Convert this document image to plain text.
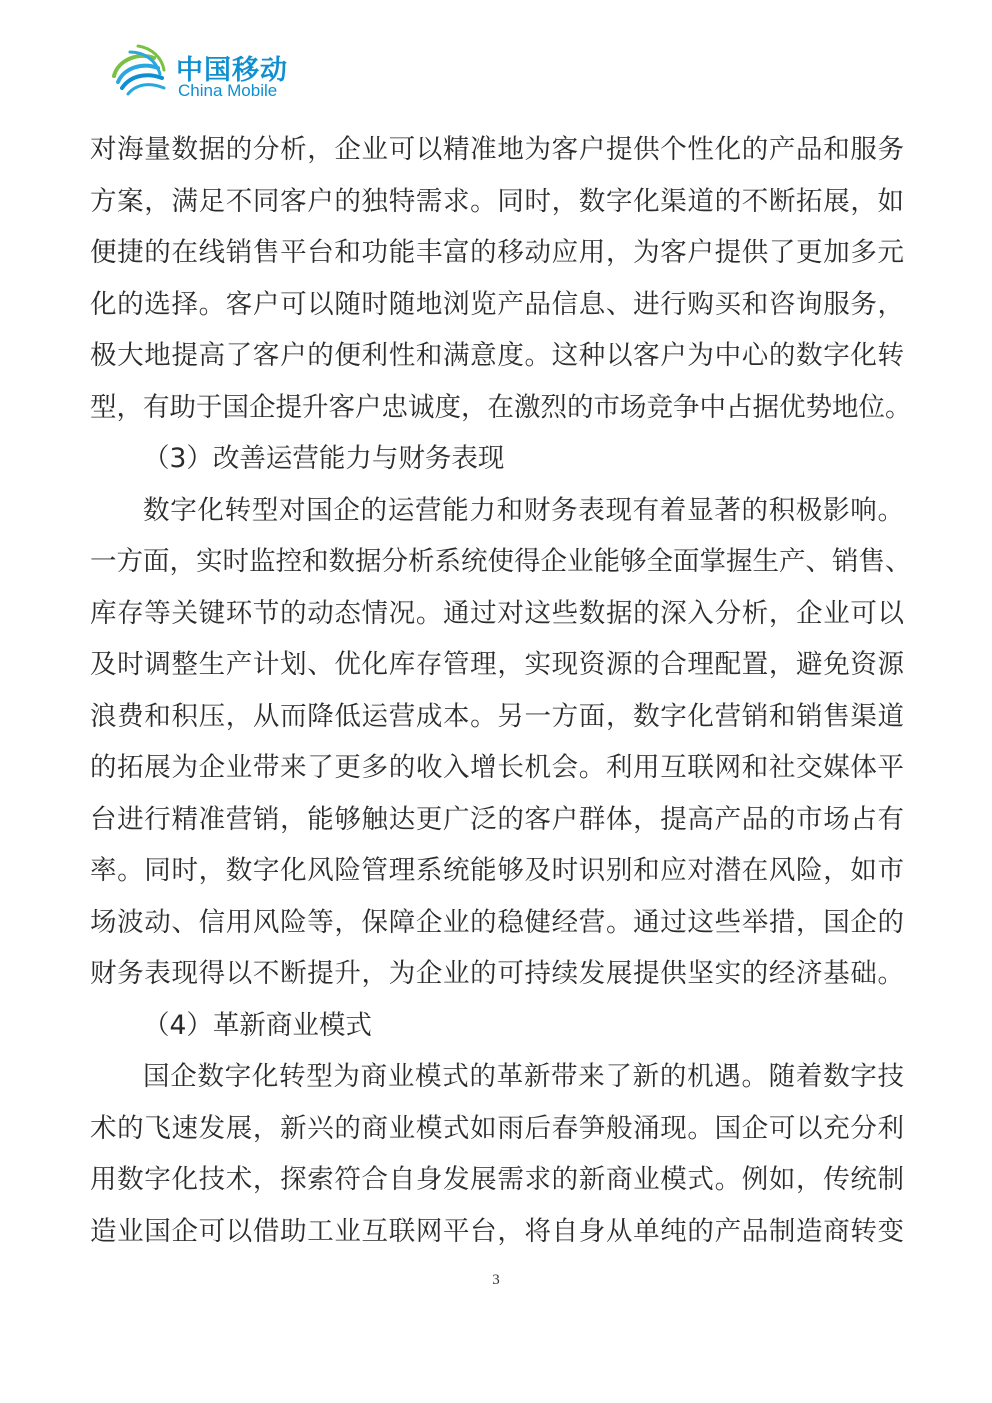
中国移动
China Mobile
对海量数据的分析，企业可以精准地为客户提供个性化的产品和服务
方案，满足不同客户的独特需求。同时，数字化渠道的不断拓展，如
便捷的在线销售平台和功能丰富的移动应用，为客户提供了更加多元
化的选择。客户可以随时随地浏览产品信息、进行购买和咨询服务，
极大地提高了客户的便利性和满意度。这种以客户为中心的数字化转
型，有助于国企提升客户忠诚度，在激烈的市场竞争中占据优势地位。
（3）改善运营能力与财务表现
数字化转型对国企的运营能力和财务表现有着显著的积极影响。
一方面，实时监控和数据分析系统使得企业能够全面掌握生产、销售、
库存等关键环节的动态情况。通过对这些数据的深入分析，企业可以
及时调整生产计划、优化库存管理，实现资源的合理配置，避免资源
浪费和积压，从而降低运营成本。另一方面，数字化营销和销售渠道
的拓展为企业带来了更多的收入增长机会。利用互联网和社交媒体平
台进行精准营销，能够触达更广泛的客户群体，提高产品的市场占有
率。同时，数字化风险管理系统能够及时识别和应对潜在风险，如市
场波动、信用风险等，保障企业的稳健经营。通过这些举措，国企的
财务表现得以不断提升，为企业的可持续发展提供坚实的经济基础。
（4）革新商业模式
国企数字化转型为商业模式的革新带来了新的机遇。随着数字技
术的飞速发展，新兴的商业模式如雨后春笋般涌现。国企可以充分利
用数字化技术，探索符合自身发展需求的新商业模式。例如，传统制
造业国企可以借助工业互联网平台，将自身从单纯的产品制造商转变
3
